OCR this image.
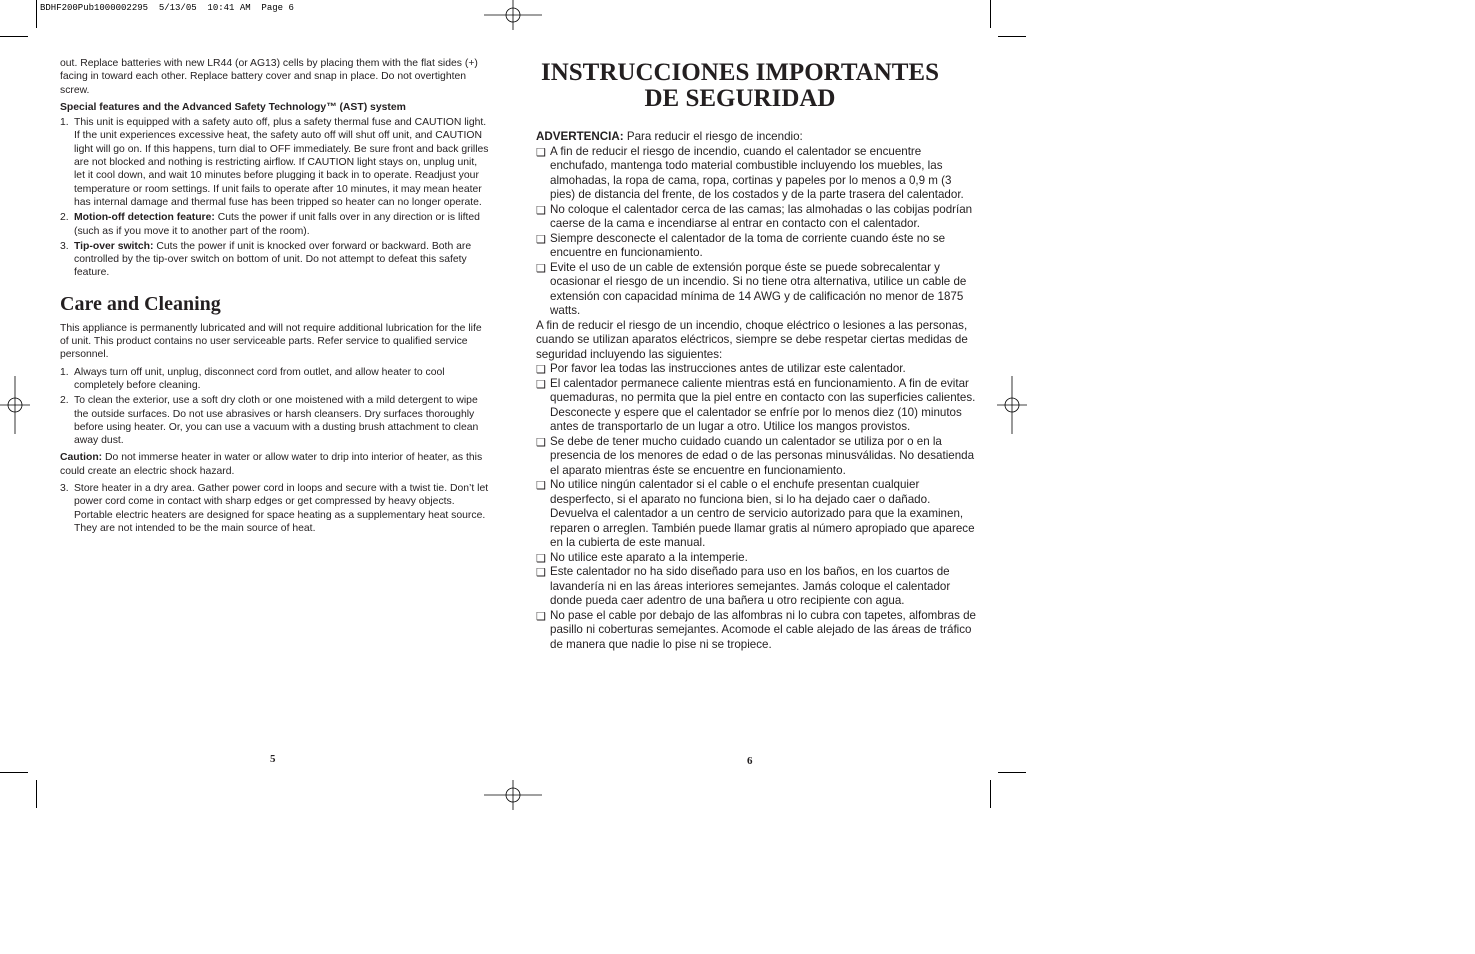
BDHF200Pub1000002295  5/13/05  10:41 AM  Page 6

out. Replace batteries with new LR44 (or AG13) cells by placing them with the flat sides (+) facing in toward each other. Replace battery cover and snap in place. Do not overtighten screw.

Special features and the Advanced Safety Technology™ (AST) system

1. This unit is equipped with a safety auto off, plus a safety thermal fuse and CAUTION light. If the unit experiences excessive heat, the safety auto off will shut off unit, and CAUTION light will go on. If this happens, turn dial to OFF immediately. Be sure front and back grilles are not blocked and nothing is restricting airflow. If CAUTION light stays on, unplug unit, let it cool down, and wait 10 minutes before plugging it back in to operate. Readjust your temperature or room settings. If unit fails to operate after 10 minutes, it may mean heater has internal damage and thermal fuse has been tripped so heater can no longer operate.
2. Motion-off detection feature: Cuts the power if unit falls over in any direction or is lifted (such as if you move it to another part of the room).
3. Tip-over switch: Cuts the power if unit is knocked over forward or backward. Both are controlled by the tip-over switch on bottom of unit. Do not attempt to defeat this safety feature.
Care and Cleaning

This appliance is permanently lubricated and will not require additional lubrication for the life of unit. This product contains no user serviceable parts. Refer service to qualified service personnel.

1. Always turn off unit, unplug, disconnect cord from outlet, and allow heater to cool completely before cleaning.
2. To clean the exterior, use a soft dry cloth or one moistened with a mild detergent to wipe the outside surfaces. Do not use abrasives or harsh cleansers. Dry surfaces thoroughly before using heater. Or, you can use a vacuum with a dusting brush attachment to clean away dust.

Caution: Do not immerse heater in water or allow water to drip into interior of heater, as this could create an electric shock hazard.

3. Store heater in a dry area. Gather power cord in loops and secure with a twist tie. Don’t let power cord come in contact with sharp edges or get compressed by heavy objects. Portable electric heaters are designed for space heating as a supplementary heat source. They are not intended to be the main source of heat.
5
INSTRUCCIONES IMPORTANTES
DE SEGURIDAD

ADVERTENCIA: Para reducir el riesgo de incendio:

❑ A fin de reducir el riesgo de incendio, cuando el calentador se encuentre enchufado, mantenga todo material combustible incluyendo los muebles, las almohadas, la ropa de cama, ropa, cortinas y papeles por lo menos a 0,9 m (3 pies) de distancia del frente, de los costados y de la parte trasera del calentador.
❑ No coloque el calentador cerca de las camas; las almohadas o las cobijas podrían caerse de la cama e incendiarse al entrar en contacto con el calentador.
❑ Siempre desconecte el calentador de la toma de corriente cuando éste no se encuentre en funcionamiento.
❑ Evite el uso de un cable de extensión porque éste se puede sobrecalentar y ocasionar el riesgo de un incendio. Si no tiene otra alternativa, utilice un cable de extensión con capacidad mínima de 14 AWG y de calificación no menor de 1875 watts.

A fin de reducir el riesgo de un incendio, choque eléctrico o lesiones a las personas, cuando se utilizan aparatos eléctricos, siempre se debe respetar ciertas medidas de seguridad incluyendo las siguientes:

❑ Por favor lea todas las instrucciones antes de utilizar este calentador.
❑ El calentador permanece caliente mientras está en funcionamiento. A fin de evitar quemaduras, no permita que la piel entre en contacto con las superficies calientes. Desconecte y espere que el calentador se enfríe por lo menos diez (10) minutos antes de transportarlo de un lugar a otro. Utilice los mangos provistos.
❑ Se debe de tener mucho cuidado cuando un calentador se utiliza por o en la presencia de los menores de edad o de las personas minusválidas. No desatienda el aparato mientras éste se encuentre en funcionamiento.
❑ No utilice ningún calentador si el cable o el enchufe presentan cualquier desperfecto, si el aparato no funciona bien, si lo ha dejado caer o dañado. Devuelva el calentador a un centro de servicio autorizado para que la examinen, reparen o arreglen. También puede llamar gratis al número apropiado que aparece en la cubierta de este manual.
❑ No utilice este aparato a la intemperie.
❑ Este calentador no ha sido diseñado para uso en los baños, en los cuartos de lavandería ni en las áreas interiores semejantes. Jamás coloque el calentador donde pueda caer adentro de una bañera u otro recipiente con agua.
❑ No pase el cable por debajo de las alfombras ni lo cubra con tapetes, alfombras de pasillo ni coberturas semejantes. Acomode el cable alejado de las áreas de tráfico de manera que nadie lo pise ni se tropiece.
6
